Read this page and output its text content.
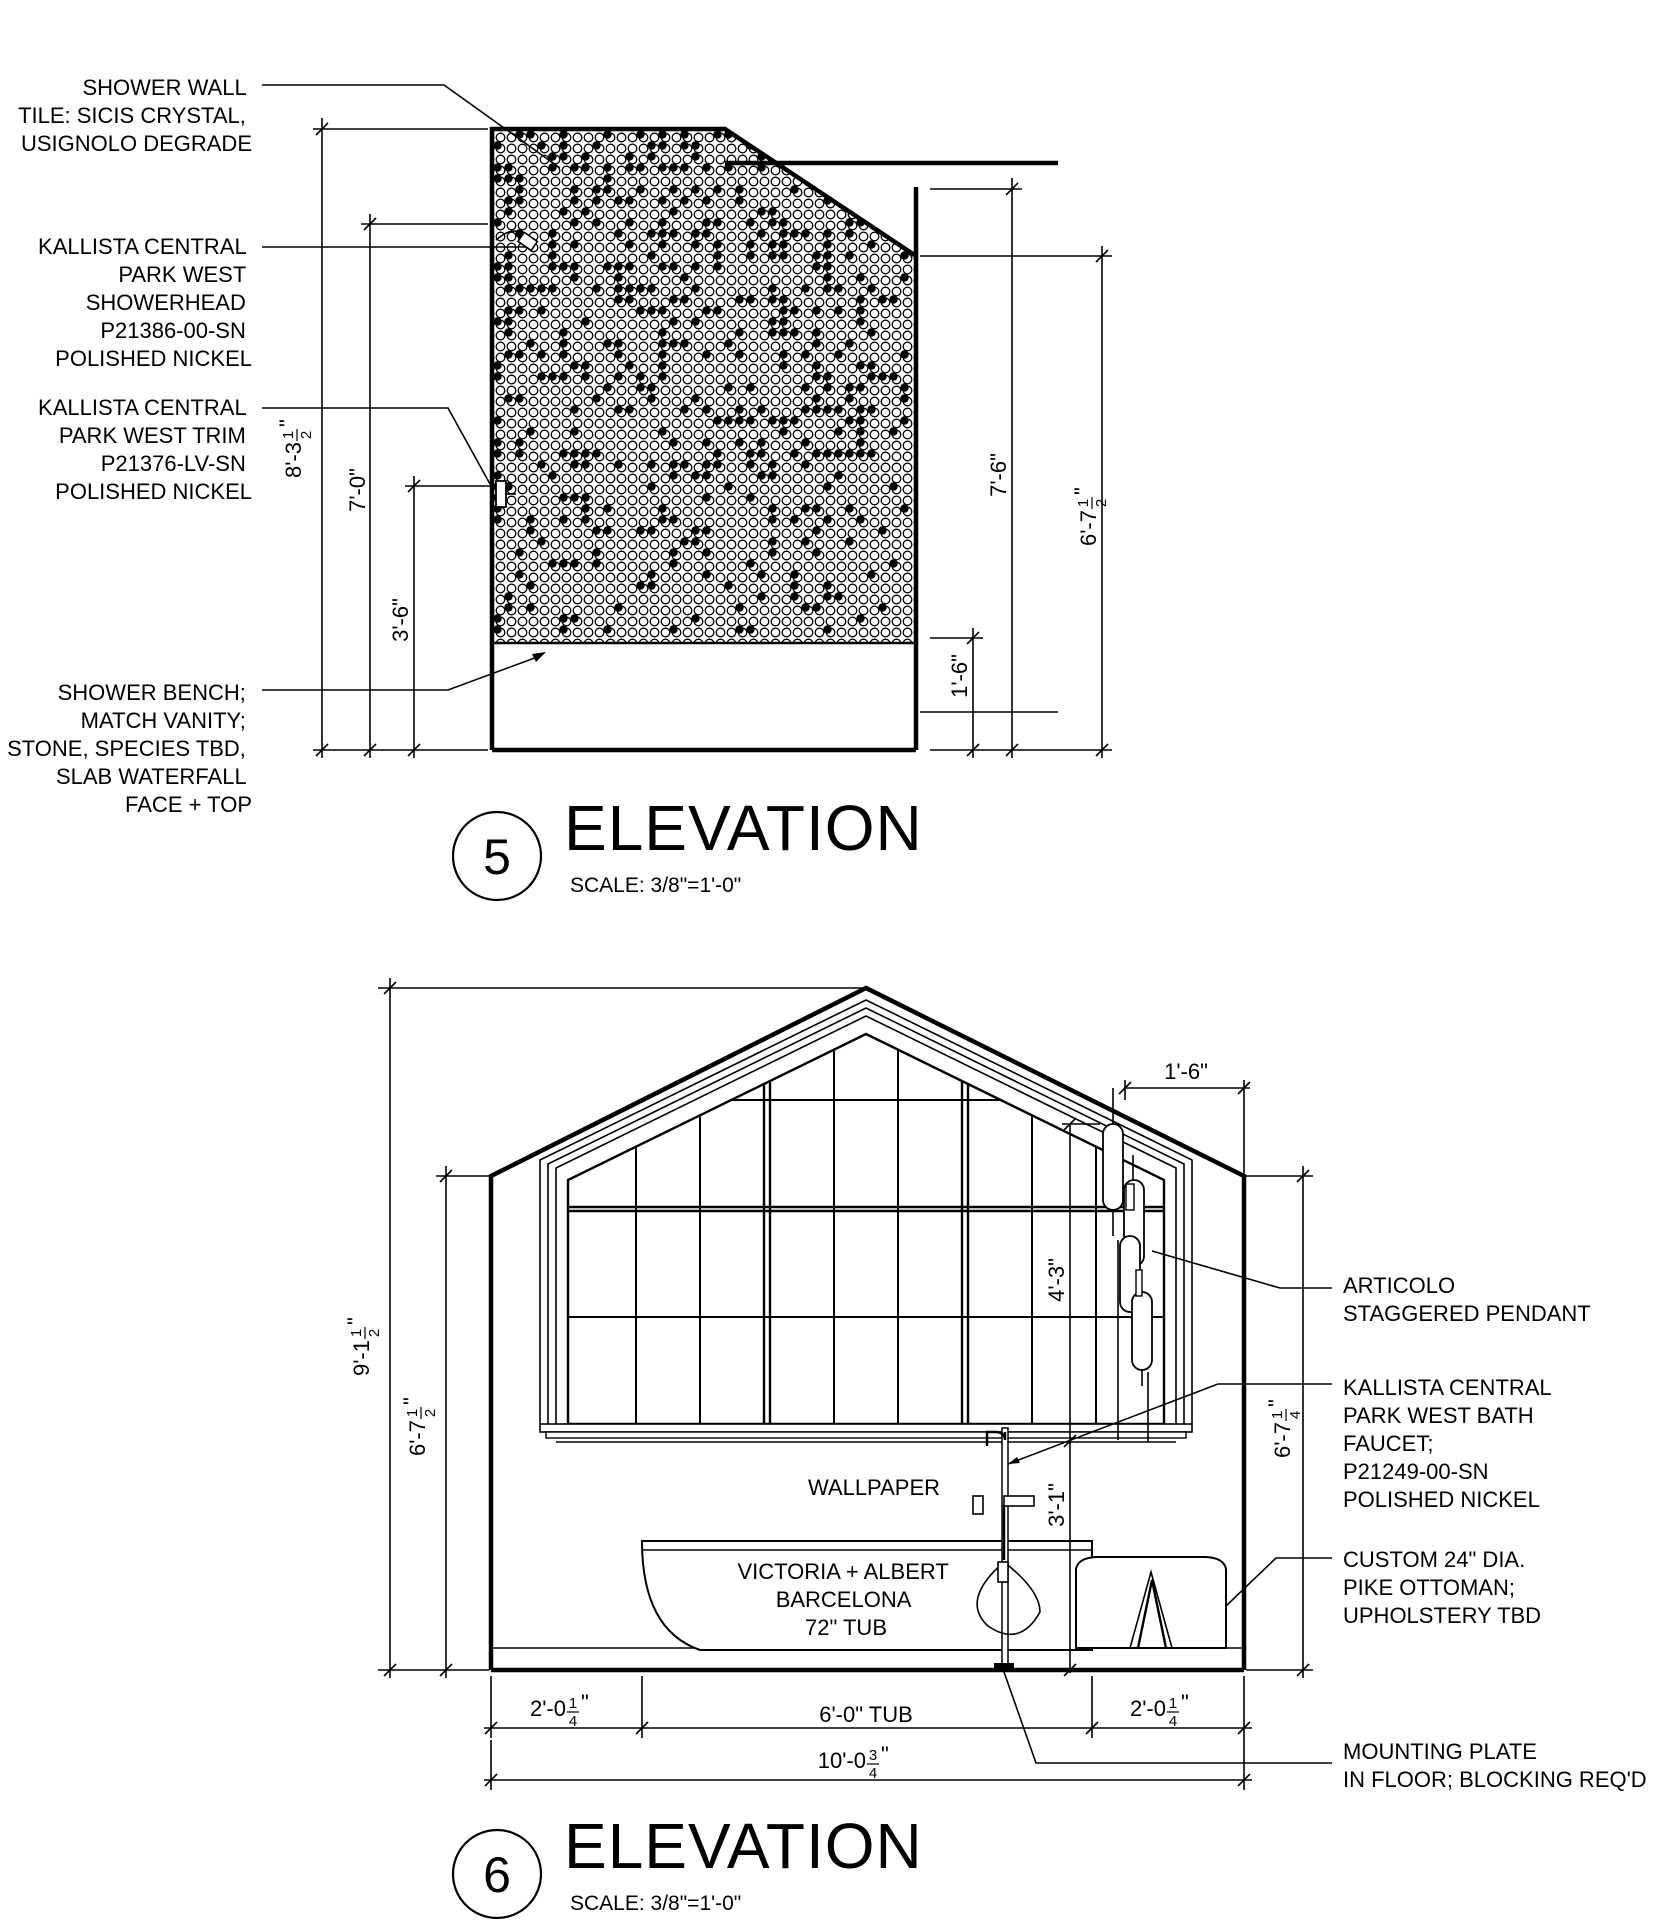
8'-3
1 2
"
7'-0"
3'-6"
7'-6"
1'-6"
6'-7
1 2
"
SHOWER WALL TILE: SICIS CRYSTAL, USIGNOLO DEGRADE
KALLISTA CENTRAL PARK WEST SHOWERHEAD P21386-00-SN POLISHED NICKEL
KALLISTA CENTRAL PARK WEST TRIM P21376-LV-SN POLISHED NICKEL
SHOWER BENCH; MATCH VANITY; STONE, SPECIES TBD, SLAB WATERFALL FACE + TOP
5 ELEVATION
SCALE: 3/8"=1'-0"
9'-1
1 2
"
6'-7
1 2
"
6'-7
1 4
"
1'-6"
4'-3"
3'-1"
2'-0 1
4
"	6'-0" TUB	2'-0 1
4
"
10'-0 3
4
"
WALLPAPER
VICTORIA + ALBERT BARCELONA 72" TUB
ARTICOLO STAGGERED PENDANT
KALLISTA CENTRAL PARK WEST BATH FAUCET; P21249-00-SN POLISHED NICKEL
CUSTOM 24" DIA. PIKE OTTOMAN; UPHOLSTERY TBD
MOUNTING PLATE IN FLOOR; BLOCKING REQ'D
6 ELEVATION
SCALE: 3/8"=1'-0"
